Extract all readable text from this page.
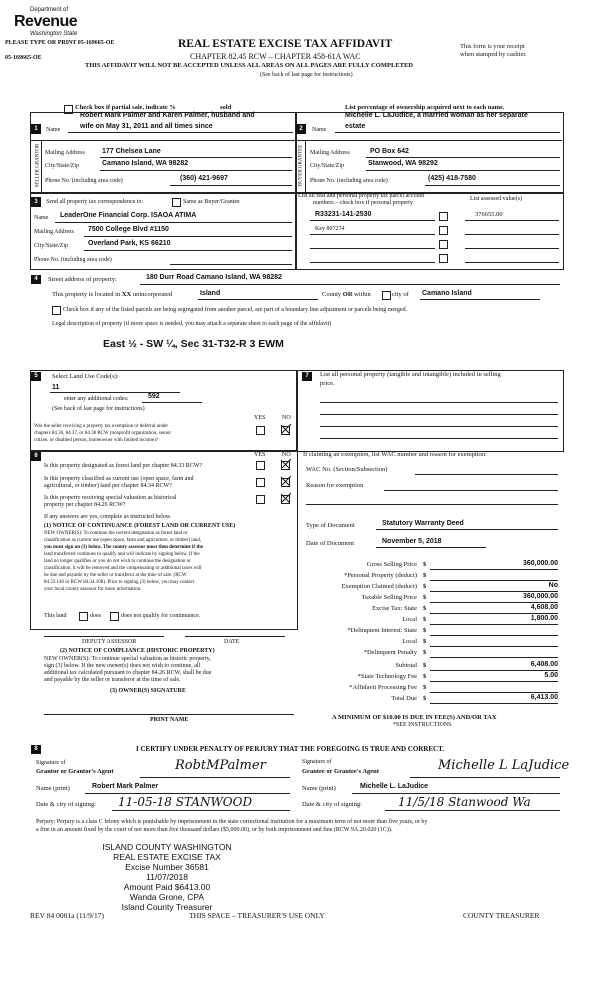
Department of
Revenue
Washington State
PLEASE TYPE OR PRINT 05-169665-OE
05-169665-OE
REAL ESTATE EXCISE TAX AFFIDAVIT
CHAPTER 82.45 RCW – CHAPTER 458-61A WAC
THIS AFFIDAVIT WILL NOT BE ACCEPTED UNLESS ALL AREAS ON ALL PAGES ARE FULLY COMPLETED
(See back of last page for instructions)
This form is your receipt
when stamped by cashier.
Check box if partial sale, indicate %	sold	List percentage of ownership acquired next to each name.
1	Name
Robert Mark Palmer and Karen Palmer, husband and
wife on May 31, 2011 and all times since
SELLER GRANTOR Mailing Address 177 Chelsea Lane
City/State/Zip	Camano Island, WA 98282
Phone No. (including area code)	(360) 421-9697
2	Name
Michelle L. LaJudice, a married woman as her separate
estate
BUYER GRANTEE Mailing Address	PO Box 642
City/State/Zip	Stanwood, WA 98292
Phone No. (including area code)	(425) 418-7580
3	Send all property tax correspondence to:	Same as Buyer/Grantee
Name LeaderOne Financial Corp. ISAOA ATIMA
Mailing Address 7500 College Blvd #1150
City/State/Zip	Overland Park, KS 66210
Phone No. (including area code)
List all real and personal property tax parcel account
numbers – check box if personal property
List assessed value(s)
R33231-141-2530
Key 807274
376655.00
4	Street address of property:	180 Durr Road Camano Island, WA 98282
This property is located in XX unincorporated	Island	County OR within	city of Camano Island
Check box if any of the listed parcels are being segregated from another parcel, are part of a boundary line adjustment or parcels being merged.
Legal description of property (if more space is needed, you may attach a separate sheet to each page of the affidavit)
East ½ - SW ¼, Sec 31-T32-R 3 EWM
5	Select Land Use Code(s):
11
enter any additional codes:	592
(See back of last page for instructions)
YES	NO
Was the seller receiving a property tax exemption or deferral under
chapters 84.36, 84.37, or 84.38 RCW (nonprofit organization, senior
citizen, or disabled person, homeowner with limited income)?
6	YES	NO
Is this property designated as forest land per chapter 84.33 RCW?
Is this property classified as current use (open space, farm and
agricultural, or timber) land per chapter 84.34 RCW?
Is this property receiving special valuation as historical
property per chapter 84.26 RCW?
If any answers are yes, complete as instructed below.
(1) NOTICE OF CONTINUANCE (FOREST LAND OR CURRENT USE)
NEW OWNER(S): To continue the current designation as forest land or
classification as current use (open space, farm and agriculture, or timber) land,
you must sign on (3) below. The county assessor must then determine if the
land transferred continues to qualify and will indicate by signing below. If the
land no longer qualifies or you do not wish to continue the designation or
classification, it will be removed and the compensating or additional taxes will
be due and payable by the seller or transferor at the time of sale. (RCW
84.33.140 or RCW 84.34.108). Prior to signing (3) below, you may contact
your local county assessor for more information.
This land	does	does not qualify for continuance.
DEPUTY ASSESSOR	DATE
(2) NOTICE OF COMPLIANCE (HISTORIC PROPERTY)
NEW OWNER(S): To continue special valuation as historic property,
sign (3) below. If the new owner(s) does not wish to continue, all
additional tax calculated pursuant to chapter 84.26 RCW, shall be due
and payable by the seller or transferor at the time of sale.
(3) OWNER(S) SIGNATURE
PRINT NAME
7	List all personal property (tangible and intangible) included in selling
price.
If claiming an exemption, list WAC number and reason for exemption:
WAC No. (Section/Subsection)
Reason for exemption
Type of Document	Statutory Warranty Deed
Date of Document	November 5, 2018
Gross Selling Price $	360,000.00
*Personal Property (deduct) $
Exemption Claimed (deduct) $	No
Taxable Selling Price $	360,000.00
Excise Tax: State $	4,608.00
Local $	1,800.00
*Delinquent Interest: State $
Local $
*Delinquent Penalty $
Subtotal $	6,408.00
*State Technology Fee $	5.00
*Affidavit Processing Fee $
Total Due $	6,413.00
A MINIMUM OF $10.00 IS DUE IN FEE(S) AND/OR TAX
*SEE INSTRUCTIONS
8	I CERTIFY UNDER PENALTY OF PERJURY THAT THE FOREGOING IS TRUE AND CORRECT.
Signature of
Grantor or Grantor's Agent	RobtMPalmer	Signature of
Grantee or Grantee's Agent	Michelle L LaJudice
Name (print)	Robert Mark Palmer	Name (print)	Michelle L. LaJudice
Date & city of signing: 11-05-18 STANWOOD	Date & city of signing:	11/5/18 Stanwood Wa
Perjury: Perjury is a class C felony which is punishable by imprisonment in the state correctional institution for a maximum term of not more than five years, or by
a fine in an amount fixed by the court of not more than five thousand dollars ($5,000.00), or by both imprisonment and fine (RCW 9A.20.020 (1C)).
ISLAND COUNTY WASHINGTON
REAL ESTATE EXCISE TAX
Excise Number 36581
11/07/2018
Amount Paid $6413.00
Wanda Grone, CPA
Island County Treasurer
REV 84 0001a (11/9/17)	THIS SPACE – TREASURER'S USE ONLY	COUNTY TREASURER
